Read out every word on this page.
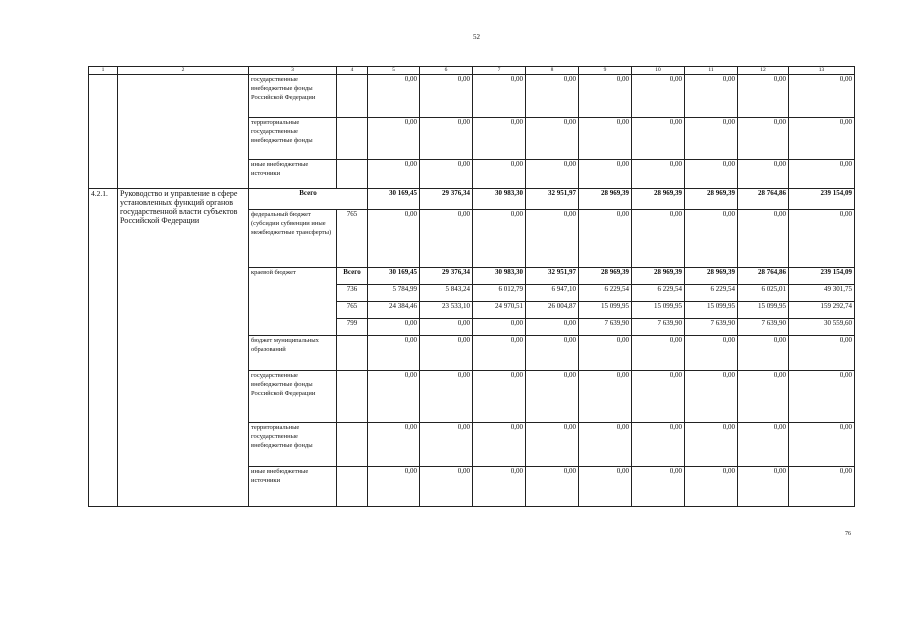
52
1	2	3	4	5	6	7	8	9	10	11	12	13
		государственные внебюджетные фонды Российской Федерации		0,00	0,00	0,00	0,00	0,00	0,00	0,00	0,00	0,00
		территориальные государственные внебюджетные фонды		0,00	0,00	0,00	0,00	0,00	0,00	0,00	0,00	0,00
		иные внебюджетные источники		0,00	0,00	0,00	0,00	0,00	0,00	0,00	0,00	0,00
4.2.1.	Руководство и управление в сфере установленных функций органов государственной власти субъектов Российской Федерации	Всего		30 169,45	29 376,34	30 983,30	32 951,97	28 969,39	28 969,39	28 969,39	28 764,86	239 154,09
		федеральный бюджет (субсидии субвенции иные межбюджетные трансферты)	765	0,00	0,00	0,00	0,00	0,00	0,00	0,00	0,00	0,00
		краевой бюджет	Всего	30 169,45	29 376,34	30 983,30	32 951,97	28 969,39	28 969,39	28 969,39	28 764,86	239 154,09
			736	5 784,99	5 843,24	6 012,79	6 947,10	6 229,54	6 229,54	6 229,54	6 025,01	49 301,75
			765	24 384,46	23 533,10	24 970,51	26 004,87	15 099,95	15 099,95	15 099,95	15 099,95	159 292,74
			799	0,00	0,00	0,00	0,00	7 639,90	7 639,90	7 639,90	7 639,90	30 559,60
		бюджет муниципальных образований		0,00	0,00	0,00	0,00	0,00	0,00	0,00	0,00	0,00
		государственные внебюджетные фонды Российской Федерации		0,00	0,00	0,00	0,00	0,00	0,00	0,00	0,00	0,00
		территориальные государственные внебюджетные фонды		0,00	0,00	0,00	0,00	0,00	0,00	0,00	0,00	0,00
		иные внебюджетные источники		0,00	0,00	0,00	0,00	0,00	0,00	0,00	0,00	0,00
76
